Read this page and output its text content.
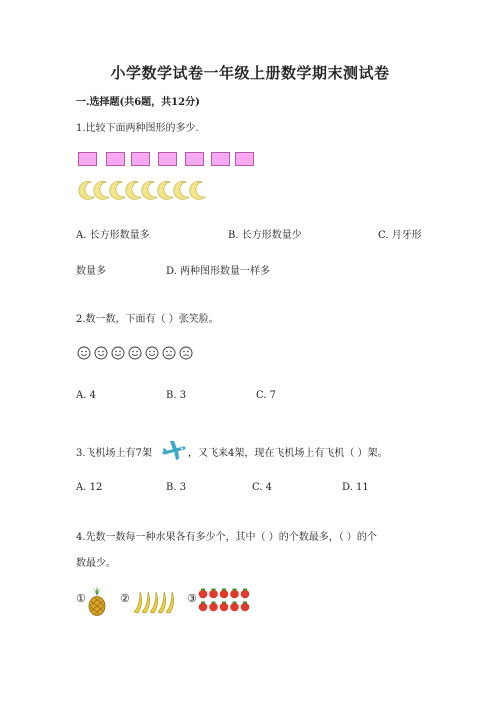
小学数学试卷一年级上册数学期末测试卷
一.选择题(共6题，共12分)
1.比较下面两种图形的多少.
A. 长方形数量多	B. 长方形数量少	C. 月牙形
数量多	D. 两种图形数量一样多
2.数一数，下面有（ ）张笑脸。
A. 4	B. 3	C. 7
3.飞机场上有7架	，又飞来4架，现在飞机场上有飞机（ ）架。
A. 12	B. 3	C. 4	D. 11
4.先数一数每一种水果各有多少个，其中（ ）的个数最多，（ ）的个
数最少。
①	②	③
